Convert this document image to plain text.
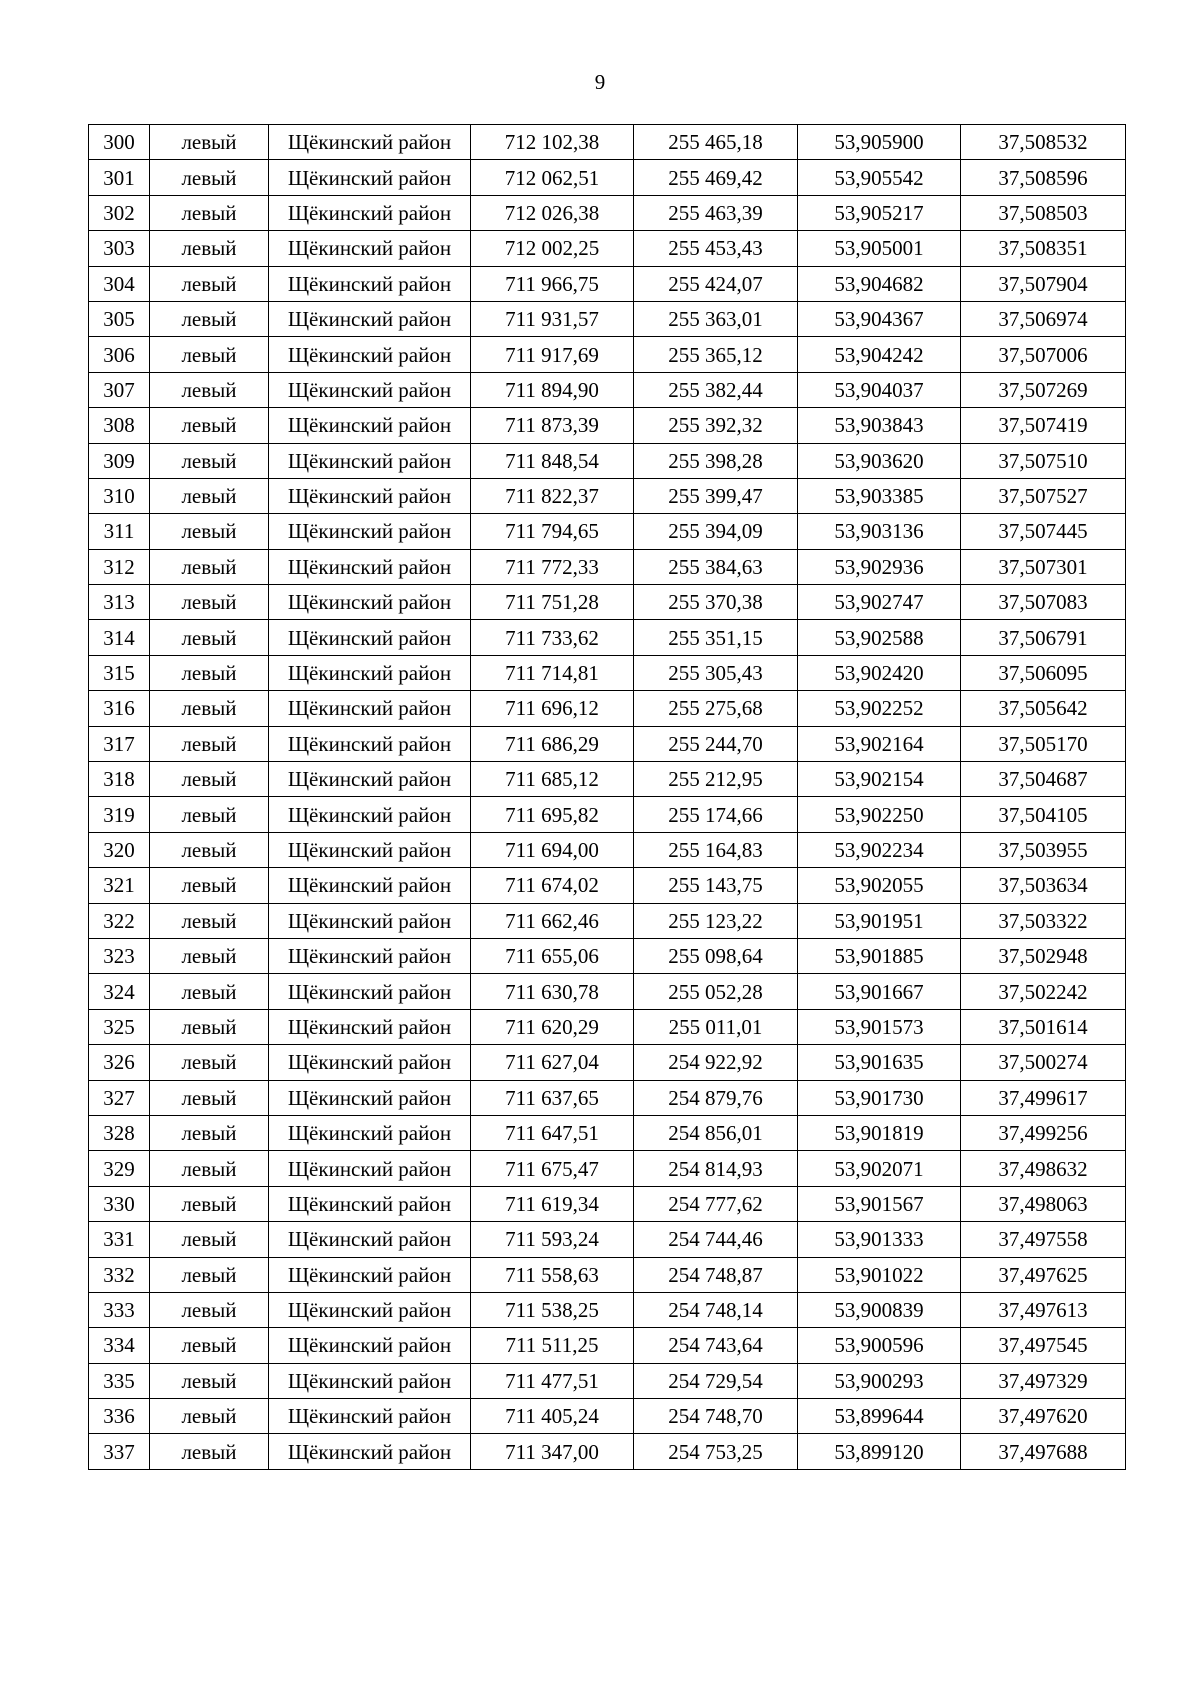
9
300	левый	Щёкинский район	712 102,38	255 465,18	53,905900	37,508532
301	левый	Щёкинский район	712 062,51	255 469,42	53,905542	37,508596
302	левый	Щёкинский район	712 026,38	255 463,39	53,905217	37,508503
303	левый	Щёкинский район	712 002,25	255 453,43	53,905001	37,508351
304	левый	Щёкинский район	711 966,75	255 424,07	53,904682	37,507904
305	левый	Щёкинский район	711 931,57	255 363,01	53,904367	37,506974
306	левый	Щёкинский район	711 917,69	255 365,12	53,904242	37,507006
307	левый	Щёкинский район	711 894,90	255 382,44	53,904037	37,507269
308	левый	Щёкинский район	711 873,39	255 392,32	53,903843	37,507419
309	левый	Щёкинский район	711 848,54	255 398,28	53,903620	37,507510
310	левый	Щёкинский район	711 822,37	255 399,47	53,903385	37,507527
311	левый	Щёкинский район	711 794,65	255 394,09	53,903136	37,507445
312	левый	Щёкинский район	711 772,33	255 384,63	53,902936	37,507301
313	левый	Щёкинский район	711 751,28	255 370,38	53,902747	37,507083
314	левый	Щёкинский район	711 733,62	255 351,15	53,902588	37,506791
315	левый	Щёкинский район	711 714,81	255 305,43	53,902420	37,506095
316	левый	Щёкинский район	711 696,12	255 275,68	53,902252	37,505642
317	левый	Щёкинский район	711 686,29	255 244,70	53,902164	37,505170
318	левый	Щёкинский район	711 685,12	255 212,95	53,902154	37,504687
319	левый	Щёкинский район	711 695,82	255 174,66	53,902250	37,504105
320	левый	Щёкинский район	711 694,00	255 164,83	53,902234	37,503955
321	левый	Щёкинский район	711 674,02	255 143,75	53,902055	37,503634
322	левый	Щёкинский район	711 662,46	255 123,22	53,901951	37,503322
323	левый	Щёкинский район	711 655,06	255 098,64	53,901885	37,502948
324	левый	Щёкинский район	711 630,78	255 052,28	53,901667	37,502242
325	левый	Щёкинский район	711 620,29	255 011,01	53,901573	37,501614
326	левый	Щёкинский район	711 627,04	254 922,92	53,901635	37,500274
327	левый	Щёкинский район	711 637,65	254 879,76	53,901730	37,499617
328	левый	Щёкинский район	711 647,51	254 856,01	53,901819	37,499256
329	левый	Щёкинский район	711 675,47	254 814,93	53,902071	37,498632
330	левый	Щёкинский район	711 619,34	254 777,62	53,901567	37,498063
331	левый	Щёкинский район	711 593,24	254 744,46	53,901333	37,497558
332	левый	Щёкинский район	711 558,63	254 748,87	53,901022	37,497625
333	левый	Щёкинский район	711 538,25	254 748,14	53,900839	37,497613
334	левый	Щёкинский район	711 511,25	254 743,64	53,900596	37,497545
335	левый	Щёкинский район	711 477,51	254 729,54	53,900293	37,497329
336	левый	Щёкинский район	711 405,24	254 748,70	53,899644	37,497620
337	левый	Щёкинский район	711 347,00	254 753,25	53,899120	37,497688
